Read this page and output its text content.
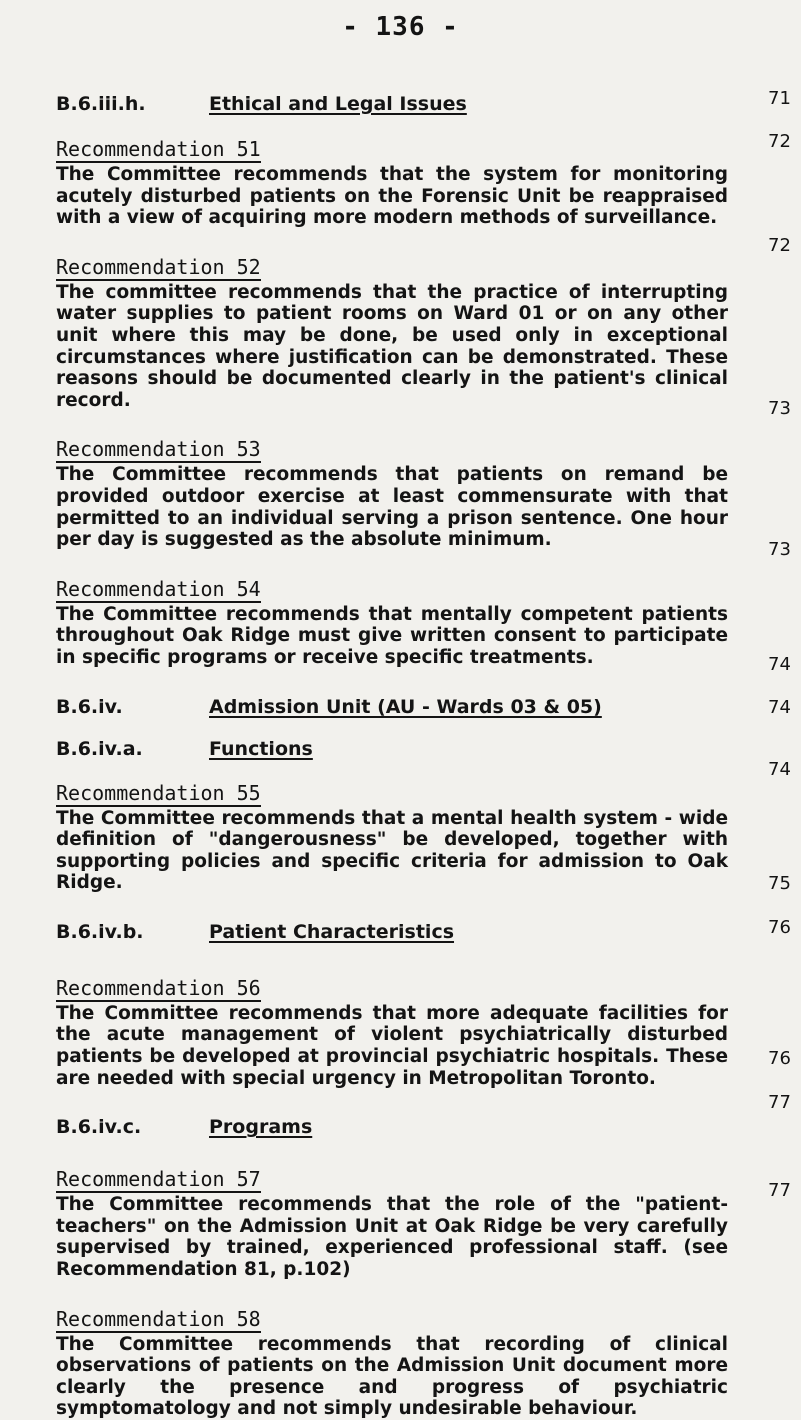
- 136 -
B.6.iii.h.	Ethical and Legal Issues
Recommendation 51

The Committee recommends that the system for monitoring acutely disturbed patients on the Forensic Unit be reappraised with a view of acquiring more modern methods of surveillance.

Recommendation 52

The committee recommends that the practice of interrupting water supplies to patient rooms on Ward 01 or on any other unit where this may be done, be used only in exceptional circumstances where justification can be demonstrated. These reasons should be documented clearly in the patient's clinical record.

Recommendation 53

The Committee recommends that patients on remand be provided outdoor exercise at least commensurate with that permitted to an individual serving a prison sentence. One hour per day is suggested as the absolute minimum.

Recommendation 54

The Committee recommends that mentally competent patients throughout Oak Ridge must give written consent to participate in specific programs or receive specific treatments.

B.6.iv.	Admission Unit (AU - Wards 03 & 05)
B.6.iv.a.	Functions
Recommendation 55

The Committee recommends that a mental health system - wide definition of "dangerousness" be developed, together with supporting policies and specific criteria for admission to Oak Ridge.

B.6.iv.b.	Patient Characteristics
Recommendation 56

The Committee recommends that more adequate facilities for the acute management of violent psychiatrically disturbed patients be developed at provincial psychiatric hospitals. These are needed with special urgency in Metropolitan Toronto.

B.6.iv.c.	Programs
Recommendation 57

The Committee recommends that the role of the "patient-teachers" on the Admission Unit at Oak Ridge be very carefully supervised by trained, experienced professional staff. (see Recommendation 81, p.102)

Recommendation 58

The Committee recommends that recording of clinical observations of patients on the Admission Unit document more clearly the presence and progress of psychiatric symptomatology and not simply undesirable behaviour.

71
72
72
73
73
74
74
74
75
76
76
77
77
